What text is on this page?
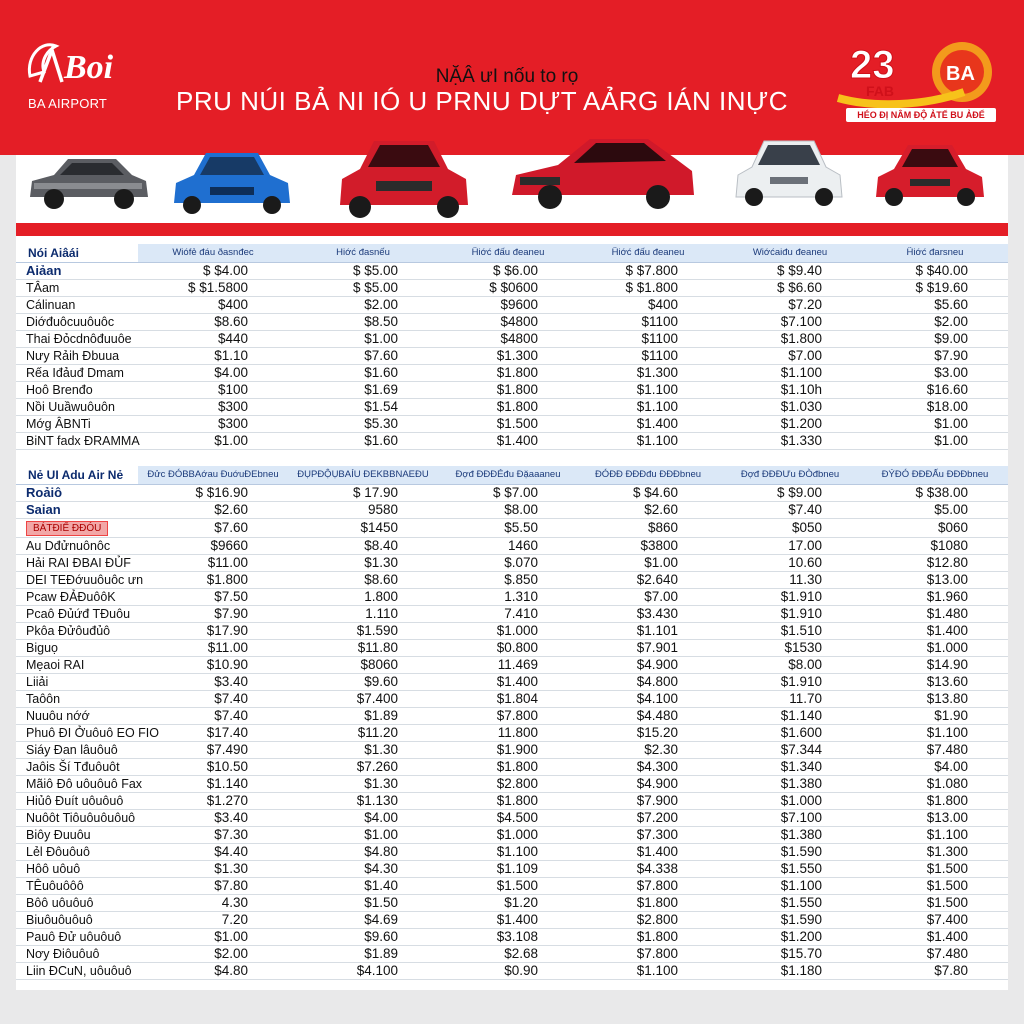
Boi
BA AIRPORT
NẶÂ ưI nốu to rọ
PRU NÚI BẢ NI IÓ U PRNU DỰT AẢRG IÁN INỰC
23
FAB
BA
HÉO ĐỊ NÂM ĐỘ ẢTẾ BU ẢĐỂ
Nói Aiâái	Wiófẻ đáu ðasnđec	Hiớć đasnếu	Ḧiớć đấu đeaneu	Ḧiớć đấu đeaneu	Wiớćaiđu đeaneu	Ḧiớć đarsneu
Aiảan	$ $4.00	$ $5.00	$ $6.00	$ $7.800	$ $9.40	$ $40.00
TÂam	$ $1.5800	$ $5.00	$ $0600	$ $1.800	$ $6.60	$ $19.60
Cálinuan	$400	$2.00	$9600	$400	$7.20	$5.60
Diớđuôcuuôuôc	$8.60	$8.50	$4800	$1100	$7.100	$2.00
Thai Đỏcdnôđuuôe	$440	$1.00	$4800	$1100	$1.800	$9.00
Nưy Rảih Đbuua	$1.10	$7.60	$1.300	$1100	$7.00	$7.90
Rếa Iđảuđ Dmam	$4.00	$1.60	$1.800	$1.300	$1.100	$3.00
Hoô Brenđo	$100	$1.69	$1.800	$1.100	$1.10h	$16.60
Nồi Uuầwuôuôn	$300	$1.54	$1.800	$1.100	$1.030	$18.00
Mớg ÂBNTi	$300	$5.30	$1.500	$1.400	$1.200	$1.00
BiNT fadx ĐRAMMA	$1.00	$1.60	$1.400	$1.100	$1.330	$1.00
Nẻ UI Adu Air Nẻ	Đửc ĐÓBBAớau ĐuớuĐEbneu	ĐỤPĐỘỤBAÍU ĐEKBBNAEĐU	Đợđ ĐĐĐÉđu Đặaaaneu	ĐÓĐĐ ĐĐĐđu ĐĐĐbneu	Đợđ ĐĐĐƯu ĐÒđbneu	ĐÝĐÓ ĐĐĐẤu ĐĐĐbneu
Roảiô	$ $16.90	$ 17.90	$ $7.00	$ $4.60	$ $9.00	$ $38.00
Saian	$2.60	9580	$8.00	$2.60	$7.40	$5.00
BÁTĐIỂ ĐĐÓU	$7.60	$1450	$5.50	$860	$050	$060
Au Dđửnuônôc	$9660	$8.40	1460	$3800	17.00	$1080
Hải RAI ĐBAI ĐỦF	$11.00	$1.30	$.070	$1.00	10.60	$12.80
DEI TEĐớuuôuôc ưn	$1.800	$8.60	$.850	$2.640	11.30	$13.00
Pcaw ĐẢĐuôôK	$7.50	1.800	1.310	$7.00	$1.910	$1.960
Pcaô Đủứđ TĐuôu	$7.90	1.110	7.410	$3.430	$1.910	$1.480
Pkôa Đửôuđủô	$17.90	$1.590	$1.000	$1.101	$1.510	$1.400
Biguọ	$11.00	$11.80	$0.800	$7.901	$1530	$1.000
Mẹaoi RAI	$10.90	$8060	11.469	$4.900	$8.00	$14.90
Liiải	$3.40	$9.60	$1.400	$4.800	$1.910	$13.60
Taôôn	$7.40	$7.400	$1.804	$4.100	11.70	$13.80
Nuuôu nớớ	$7.40	$1.89	$7.800	$4.480	$1.140	$1.90
Phuô ĐI Ởuôuô EO FIO	$17.40	$11.20	11.800	$15.20	$1.600	$1.100
Siáy Đan lâuôuô	$7.490	$1.30	$1.900	$2.30	$7.344	$7.480
Jaôis Ší Tđuôuôt	$10.50	$7.260	$1.800	$4.300	$1.340	$4.00
Mãiô Đô uôuôuô Fax	$1.140	$1.30	$2.800	$4.900	$1.380	$1.080
Hiủô Đuít uôuôuô	$1.270	$1.130	$1.800	$7.900	$1.000	$1.800
Nuôôt Tiôuôuôuôuô	$3.40	$4.00	$4.500	$7.200	$7.100	$13.00
Biôy Đuuôu	$7.30	$1.00	$1.000	$7.300	$1.380	$1.100
Lẻl Đôuôuô	$4.40	$4.80	$1.100	$1.400	$1.590	$1.300
Hôô uôuô	$1.30	$4.30	$1.109	$4.338	$1.550	$1.500
TÊuôuôôô	$7.80	$1.40	$1.500	$7.800	$1.100	$1.500
Bôô uôuôuô	4.30	$1.50	$1.20	$1.800	$1.550	$1.500
Biuôuôuôuô	7.20	$4.69	$1.400	$2.800	$1.590	$7.400
Pauô Đử uôuôuô	$1.00	$9.60	$3.108	$1.800	$1.200	$1.400
Nơy Điôuôuô	$2.00	$1.89	$2.68	$7.800	$15.70	$7.480
Liin ĐCuN, uôuôuô	$4.80	$4.100	$0.90	$1.100	$1.180	$7.80
